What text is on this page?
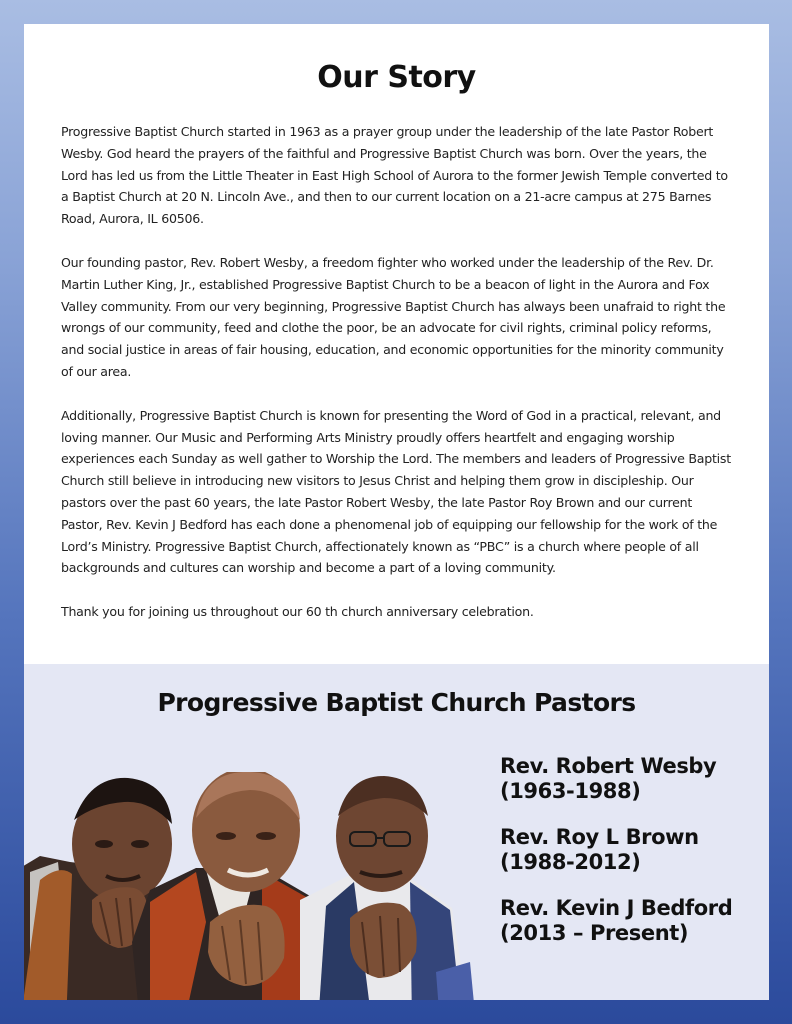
Our Story

Progressive Baptist Church started in 1963 as a prayer group under the leadership of the late Pastor Robert Wesby. God heard the prayers of the faithful and Progressive Baptist Church was born. Over the years, the Lord has led us from the Little Theater in East High School of Aurora to the former Jewish Temple converted to a Baptist Church at 20 N. Lincoln Ave., and then to our current location on a 21-acre campus at 275 Barnes Road, Aurora, IL 60506.

Our founding pastor, Rev. Robert Wesby, a freedom fighter who worked under the leadership of the Rev. Dr. Martin Luther King, Jr., established Progressive Baptist Church to be a beacon of light in the Aurora and Fox Valley community. From our very beginning, Progressive Baptist Church has always been unafraid to right the wrongs of our community, feed and clothe the poor, be an advocate for civil rights, criminal policy reforms, and social justice in areas of fair housing, education, and economic opportunities for the minority community of our area.

Additionally, Progressive Baptist Church is known for presenting the Word of God in a practical, relevant, and loving manner. Our Music and Performing Arts Ministry proudly offers heartfelt and engaging worship experiences each Sunday as well gather to Worship the Lord. The members and leaders of Progressive Baptist Church still believe in introducing new visitors to Jesus Christ and helping them grow in discipleship. Our pastors over the past 60 years, the late Pastor Robert Wesby, the late Pastor Roy Brown and our current Pastor, Rev. Kevin J Bedford has each done a phenomenal job of equipping our fellowship for the work of the Lord’s Ministry. Progressive Baptist Church, affectionately known as “PBC” is a church where people of all backgrounds and cultures can worship and become a part of a loving community.

Thank you for joining us throughout our 60 th church anniversary celebration.

Progressive Baptist Church Pastors
Rev. Robert Wesby
(1963-1988)
Rev. Roy L Brown
(1988-2012)
Rev. Kevin J Bedford
(2013 – Present)
